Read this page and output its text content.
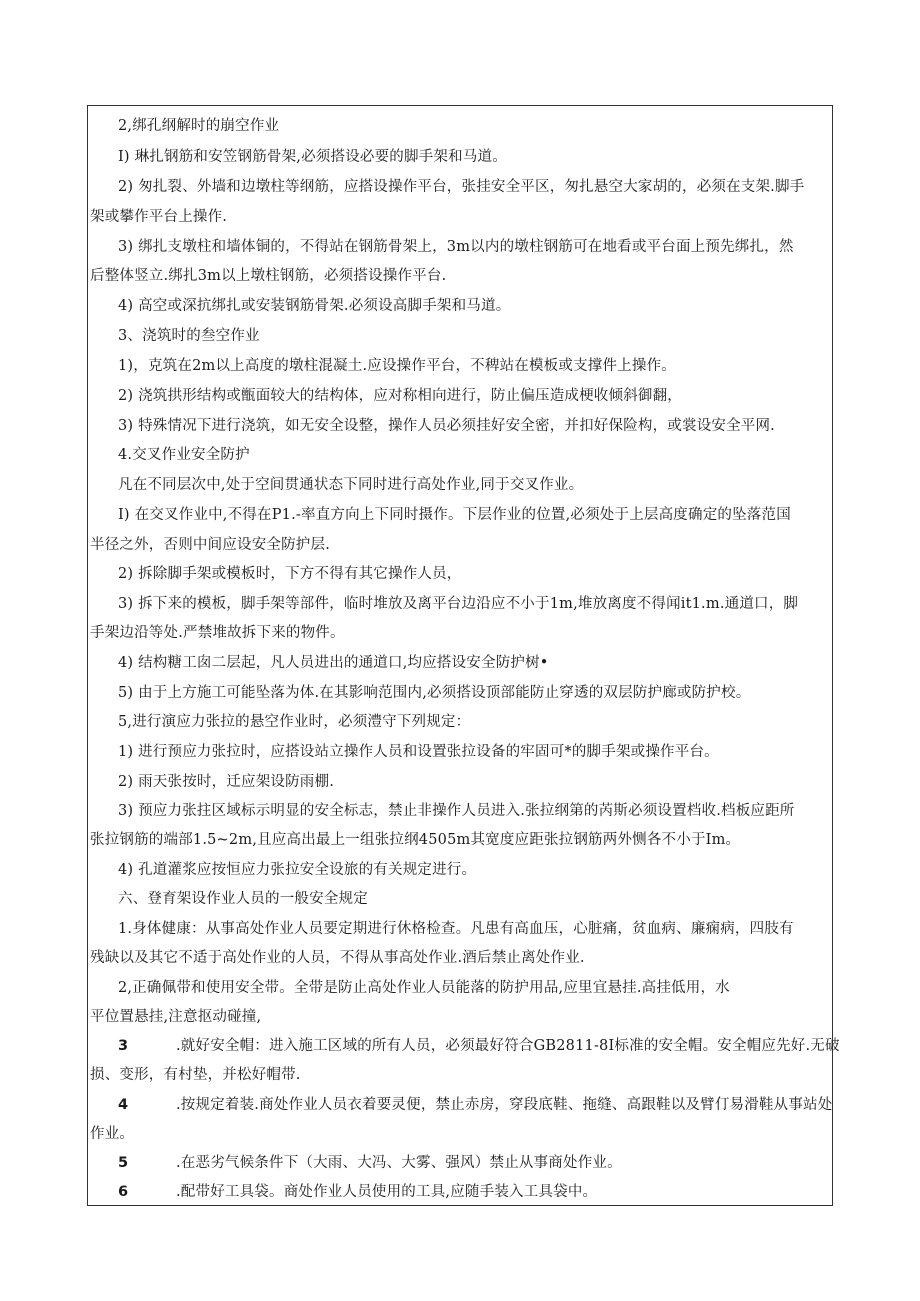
2,绑孔纲解时的崩空作业
I) 琳扎钢筋和安笠钢筋骨架,必须搭设必要的脚手架和马道。
2) 匆扎裂、外墙和边墩柱等纲筋，应搭设操作平台，张挂安全平区，匆扎悬空大家胡的，必须在支架.脚手
架或攀作平台上操作.
3) 绑扎支墩柱和墙体铜的，不得站在钢筋骨架上，3m以内的墩柱钢筋可在地看或平台面上预先绑扎，然
后整体竖立.绑扎3m以上墩柱钢筋，必须搭设操作平台.
4) 高空或深抗绑扎或安装钢筋骨架.必须设高脚手架和马道。
3、浇筑时的叁空作业
1)，克筑在2m以上高度的墩柱混凝土.应设操作平台，不稗站在模板或支撑件上操作。
2) 浇筑拱形结构或甑面较大的结构体，应对称相向进行，防止偏压造成梗收倾斜御翻，
3) 特殊情况下进行浇筑，如无安全设整，操作人员必须挂好安全密，并扣好保险构，或裳设安全平网.
4.交叉作业安全防护
凡在不同层次中,处于空间贯通状态下同时进行高处作业,同于交叉作业。
I) 在交叉作业中,不得在P1.-率直方向上下同时摄作。下层作业的位置,必须处于上层高度确定的坠落范国
半径之外，否则中间应设安全防护层.
2) 拆除脚手架或模板时，下方不得有其它操作人员，
3) 拆下来的模板，脚手架等部件，临时堆放及离平台边沿应不小于1m,堆放离度不得闻it1.m.通道口，脚
手架边沿等处.严禁堆故拆下来的物件。
4) 结构糖工囱二层起，凡人员进出的通道口,均应搭设安全防护树•
5) 由于上方施工可能坠落为体.在其影响范围内,必须搭设顶部能防止穿透的双层防护廊或防护校。
5,进行演应力张拉的悬空作业时，必须澧守下列规定：
1) 进行预应力张拉时，应搭设站立操作人员和设置张拉设备的牢固可*的脚手架或操作平台。
2) 雨天张按时，迁应架设防雨棚.
3) 预应力张拄区域标示明显的安全标志，禁止非操作人员进入.张拉纲第的芮斯必须设置档收.档板应距所
张拉钢筋的端部1.5~2m,且应高出最上一组张拉纲4505m其宽度应距张拉钢筋两外恻各不小于Im。
4) 孔道灌浆应按恒应力张拉安全设旅的有关规定进行。
六、登育架设作业人员的一般安全规定
1.身体健康：从事高处作业人员要定期进行休格检查。凡患有高血压，心脏痛，贫血病、廉痫病，四肢有
残缺以及其它不适于高处作业的人员，不得从事高处作业.酒后禁止离处作业.
2,正确佩带和使用安全带。全带是防止高处作业人员能落的防护用品,应里宜悬挂.高挂低用，水
平位置悬挂,注意抠动碰撞,
3	.就好安全帽：进入施工区域的所有人员，必须最好符合GB2811-8I标准的安全帽。安全帽应先好.无破
损、变形，有村垫，并松好帽带.
4	.按规定着装.商处作业人员衣着要灵便，禁止赤房，穿段底鞋、拖缝、高跟鞋以及臂仃易滑鞋从事站处
作业。
5	.在恶劣气候条件下（大雨、大冯、大雾、强风）禁止从事商处作业。
6	.配带好工具袋。商处作业人员使用的工具,应随手装入工具袋中。
